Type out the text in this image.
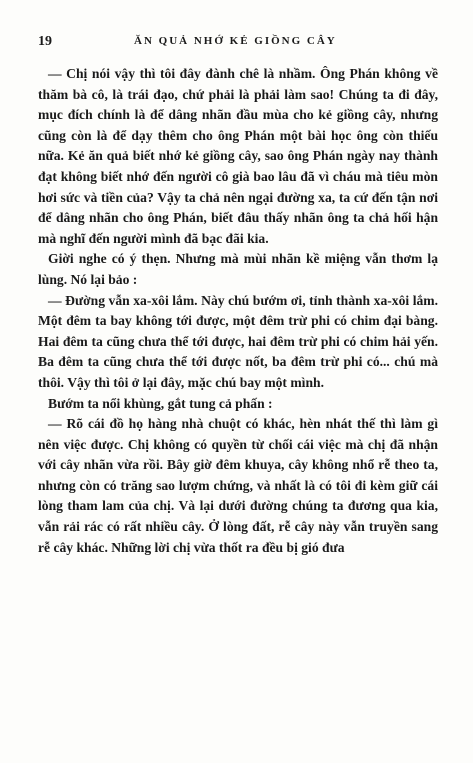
19	ĂN QUẢ NHỚ KẺ GIỒNG CÂY

— Chị nói vậy thì tôi đây đành chê là nhầm. Ông Phán không về thăm bà cô, là trái đạo, chứ phải là phải làm sao! Chúng ta đi đây, mục đích chính là để dâng nhãn đầu mùa cho kẻ giồng cây, nhưng cũng còn là để dạy thêm cho ông Phán một bài học ông còn thiếu nữa. Kẻ ăn quả biết nhớ kẻ giồng cây, sao ông Phán ngày nay thành đạt không biết nhớ đến người cô già bao lâu đã vì cháu mà tiêu mòn hơi sức và tiền của? Vậy ta chả nên ngại đường xa, ta cứ đến tận nơi để dâng nhãn cho ông Phán, biết đâu thấy nhãn ông ta chả hối hận mà nghĩ đến người mình đã bạc đãi kia.

Giời nghe có ý thẹn. Nhưng mà mùi nhãn kề miệng vẫn thơm lạ lùng. Nó lại bảo :

— Đường vẫn xa-xôi lắm. Này chú bướm ơi, tỉnh thành xa-xôi lắm. Một đêm ta bay không tới được, một đêm trừ phi có chim đại bàng. Hai đêm ta cũng chưa thể tới được, hai đêm trừ phi có chim hải yến. Ba đêm ta cũng chưa thể tới được nốt, ba đêm trừ phi có... chú mà thôi. Vậy thì tôi ở lại đây, mặc chú bay một mình.

Bướm ta nổi khùng, gắt tung cả phấn :

— Rõ cái đồ họ hàng nhà chuột có khác, hèn nhát thế thì làm gì nên việc được. Chị không có quyền từ chối cái việc mà chị đã nhận với cây nhãn vừa rồi. Bây giờ đêm khuya, cây không nhổ rễ theo ta, nhưng còn có trăng sao lượm chứng, và nhất là có tôi đi kèm giữ cái lòng tham lam của chị. Và lại dưới đường chúng ta đương qua kia, vẫn rải rác có rất nhiều cây. Ở lòng đất, rễ cây này vẫn truyền sang rễ cây khác. Những lời chị vừa thốt ra đều bị gió đưa
